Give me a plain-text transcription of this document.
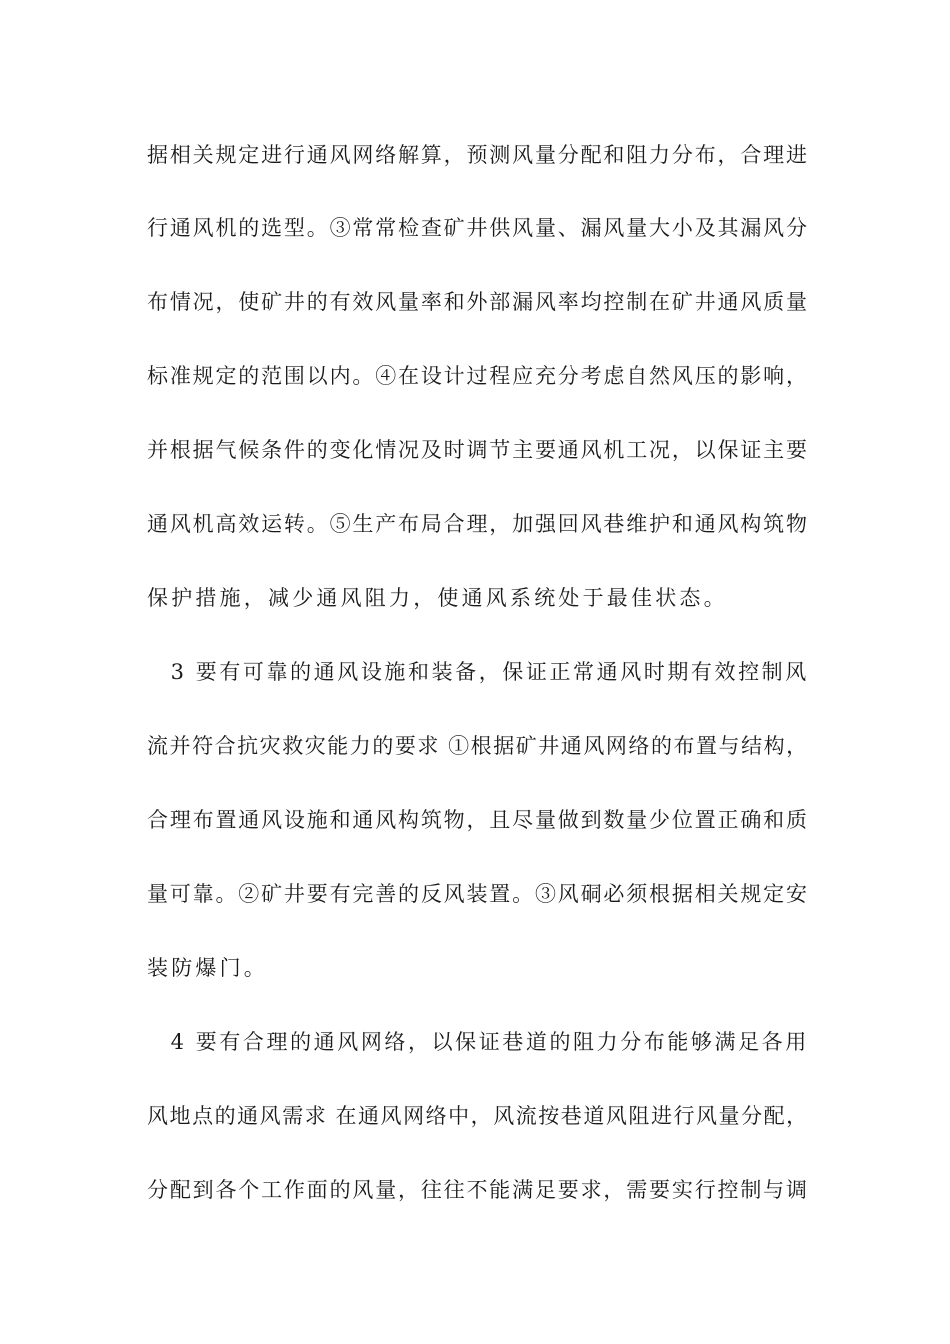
据相关规定进行通风网络解算，预测风量分配和阻力分布，合理进
行通风机的选型。③常常检查矿井供风量、漏风量大小及其漏风分
布情况，使矿井的有效风量率和外部漏风率均控制在矿井通风质量
标准规定的范围以内。④在设计过程应充分考虑自然风压的影响，
并根据气候条件的变化情况及时调节主要通风机工况，以保证主要
通风机高效运转。⑤生产布局合理，加强回风巷维护和通风构筑物
保护措施，减少通风阻力，使通风系统处于最佳状态。
　3 要有可靠的通风设施和装备，保证正常通风时期有效控制风
流并符合抗灾救灾能力的要求 ①根据矿井通风网络的布置与结构，
合理布置通风设施和通风构筑物，且尽量做到数量少位置正确和质
量可靠。②矿井要有完善的反风装置。③风硐必须根据相关规定安
装防爆门。
　4 要有合理的通风网络，以保证巷道的阻力分布能够满足各用
风地点的通风需求 在通风网络中，风流按巷道风阻进行风量分配，
分配到各个工作面的风量，往往不能满足要求，需要实行控制与调
